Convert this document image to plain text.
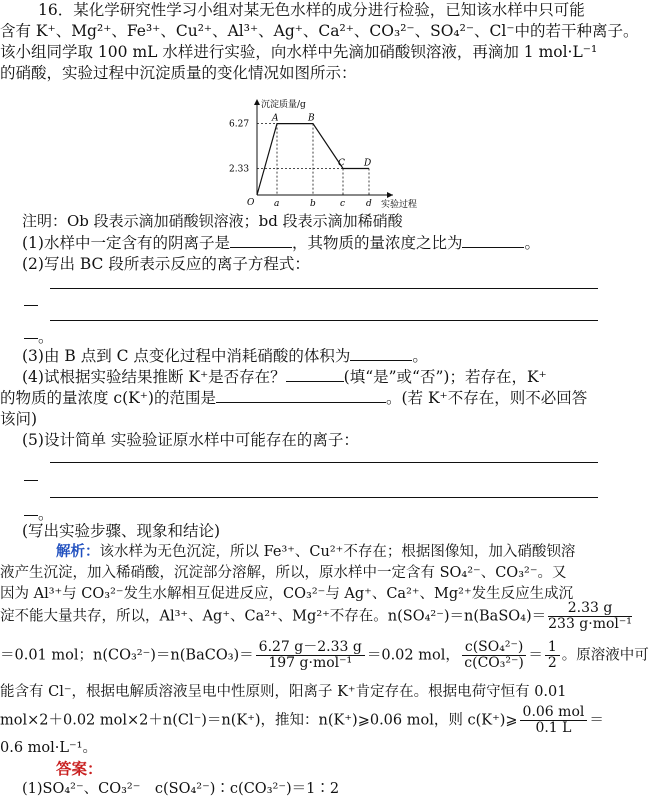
16．某化学研究性学习小组对某无色水样的成分进行检验，已知该水样中只可能
含有 K⁺、Mg²⁺、Fe³⁺、Cu²⁺、Al³⁺、Ag⁺、Ca²⁺、CO₃²⁻、SO₄²⁻、Cl⁻中的若干种离子。
该小组同学取 100 mL 水样进行实验，向水样中先滴加硝酸钡溶液，再滴加 1 mol·L⁻¹
的硝酸，实验过程中沉淀质量的变化情况如图所示：
沉淀质量/g
实验过程
O
2.33
6.27
a	b	c d
A	B
C D
注明：Ob 段表示滴加硝酸钡溶液；bd 段表示滴加稀硝酸
(1)水样中一定含有的阴离子是	，其物质的量浓度之比为	。
(2)写出 BC 段所表示反应的离子方程式：
。
(3)由 B 点到 C 点变化过程中消耗硝酸的体积为	。
(4)试根据实验结果推断 K⁺是否存在？	(填“是”或“否”)；若存在，K⁺
的物质的量浓度 c(K⁺)的范围是	。(若 K⁺不存在，则不必回答
该问)
(5)设计简单 实验验证原水样中可能存在的离子：
。
(写出实验步骤、现象和结论)
解析：该水样为无色沉淀，所以 Fe³⁺、Cu²⁺不存在；根据图像知，加入硝酸钡溶
液产生沉淀，加入稀硝酸，沉淀部分溶解，所以，原水样中一定含有 SO₄²⁻、CO₃²⁻。又
因为 Al³⁺与 CO₃²⁻发生水解相互促进反应，CO₃²⁻与 Ag⁺、Ca²⁺、Mg²⁺发生反应生成沉
淀不能大量共存，所以，Al³⁺、Ag⁺、Ca²⁺、Mg²⁺不存在。n(SO₄²⁻)＝n(BaSO₄)＝ $\frac{2.33 g}{\text{233 g·mol⁻¹}}$
＝0.01 mol；n(CO₃²⁻)＝n(BaCO₃)＝ $\frac{6.27 g-2.33 g}{\text{197 g·mol⁻¹}} =0.02$ mol， $\frac{\text{c(SO₄²⁻)}}{\text{c(CO₃²⁻)}} = \frac{1}{2}$ 。原溶液中可
能含有 Cl⁻，根据电解质溶液呈电中性原则，阳离子 K⁺肯定存在。根据电荷守恒有 0.01
mol×2＋0.02 mol×2＋n(Cl⁻)＝n(K⁺)，推知：n(K⁺)⩾0.06 mol，则 c(K⁺)⩾ $\frac{\text{0.06 mol}}{0.1 L}$ ＝
0.6 mol·L⁻¹。
答案：
(1)SO₄²⁻、CO₃²⁻　c(SO₄²⁻)∶c(CO₃²⁻)＝1∶2
